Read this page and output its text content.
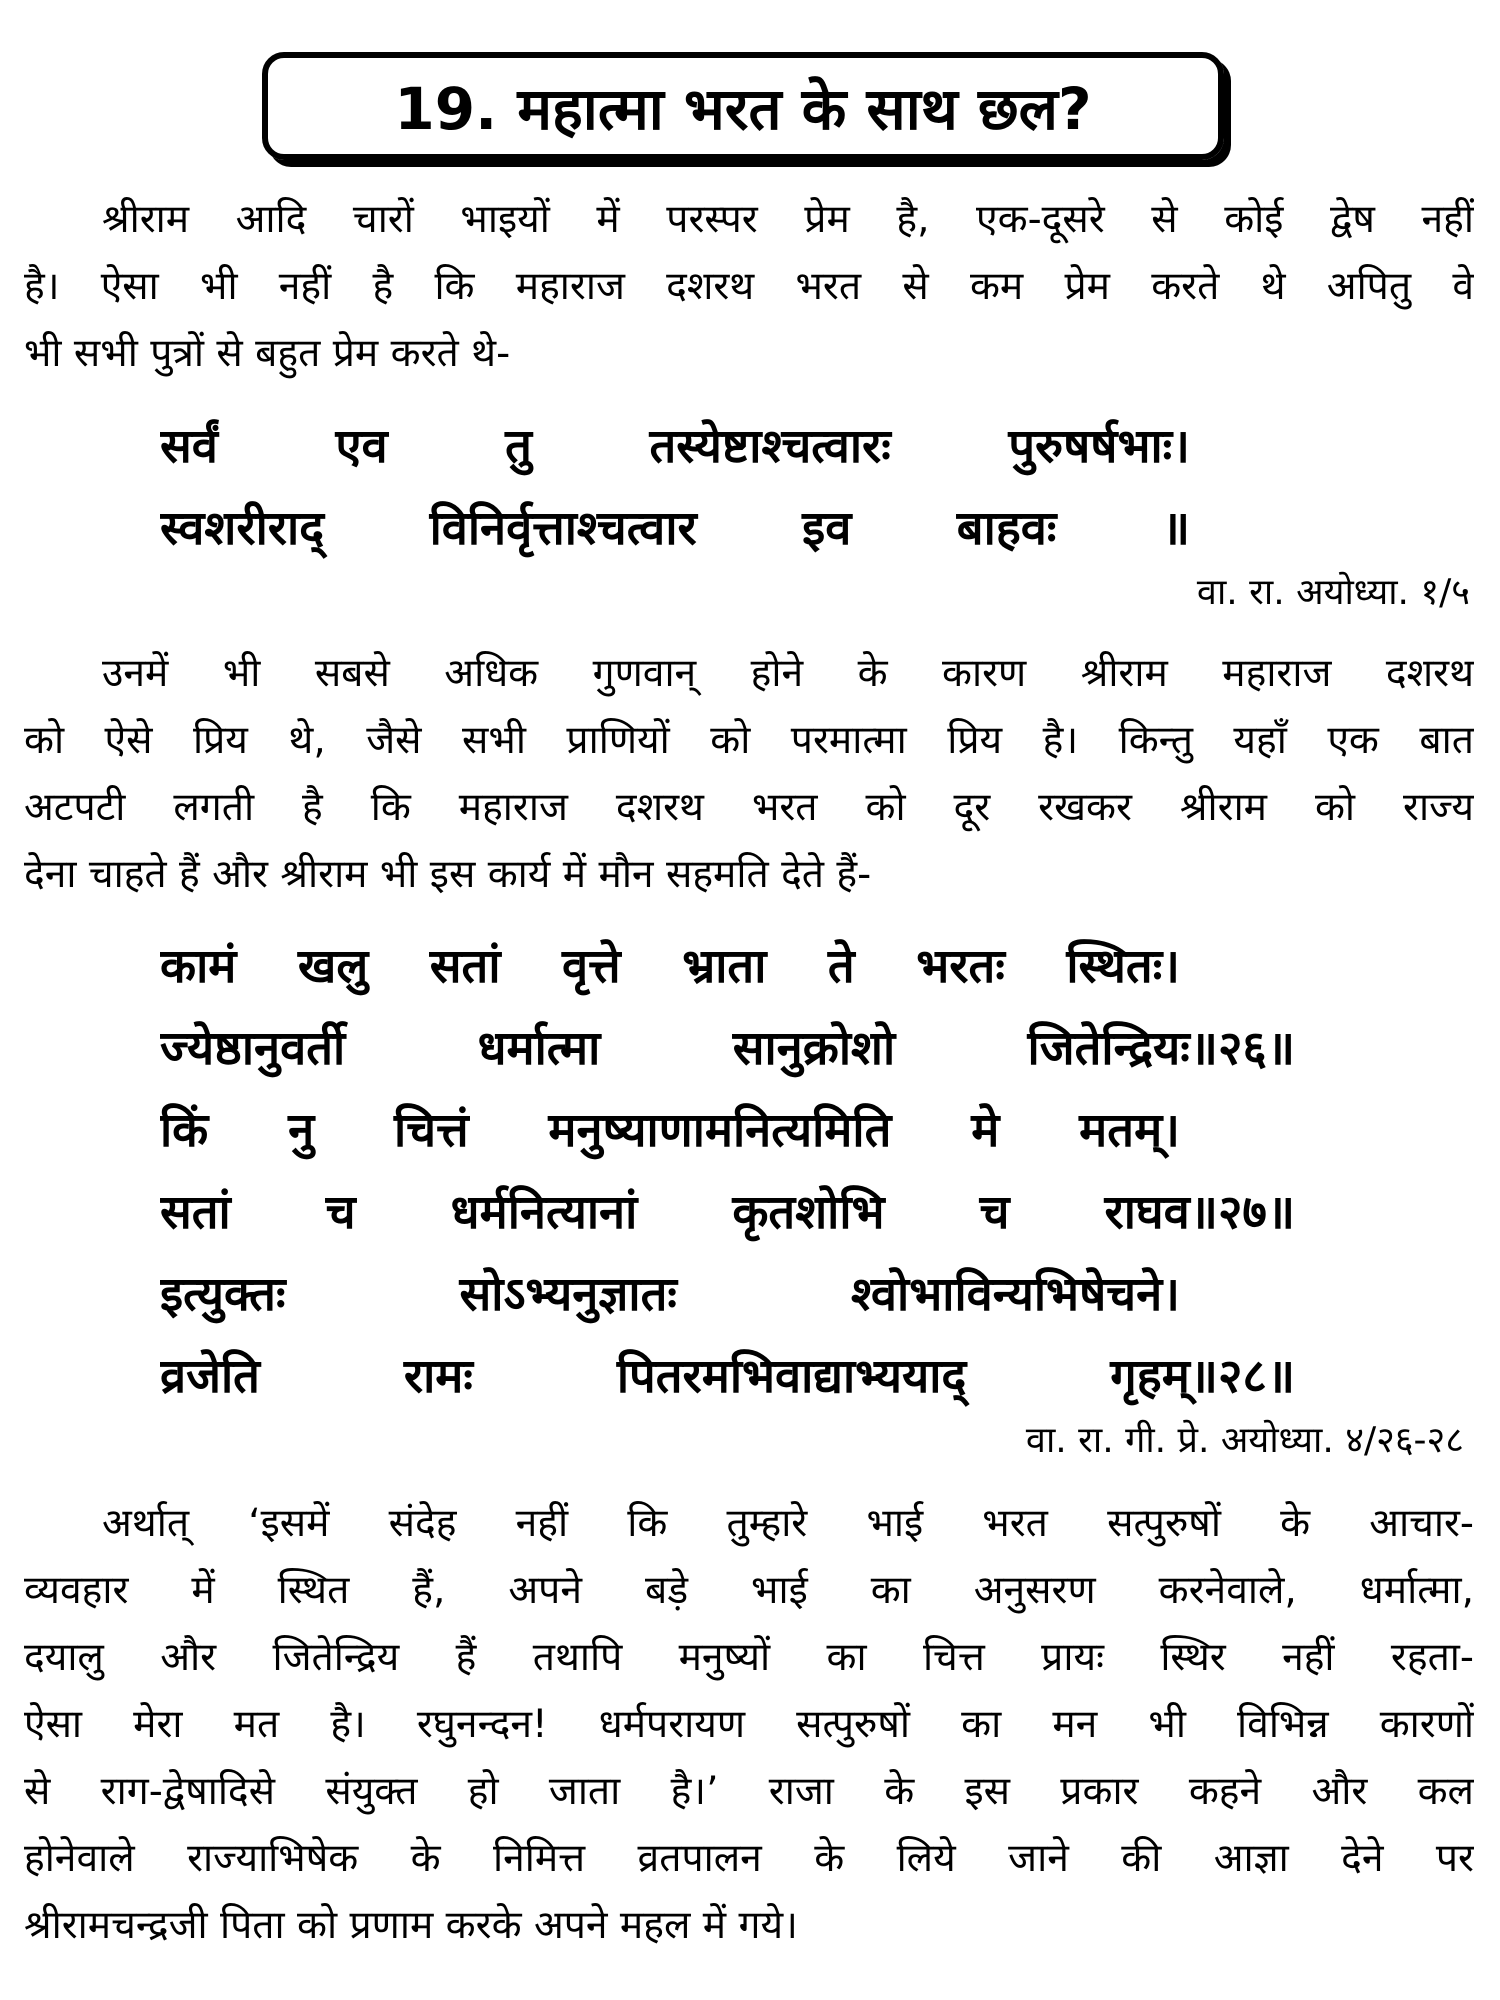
19. महात्मा भरत के साथ छल?

श्रीराम आदि चारों भाइयों में परस्पर प्रेम है, एक-दूसरे से कोई द्वेष नहीं

है। ऐसा भी नहीं है कि महाराज दशरथ भरत से कम प्रेम करते थे अपितु वे

भी सभी पुत्रों से बहुत प्रेम करते थे-

सर्वं एव तु तस्येष्टाश्चत्वारः पुरुषर्षभाः।

स्वशरीराद् विनिर्वृत्ताश्चत्वार इव बाहवः ॥

वा. रा. अयोध्या. १/५

उनमें भी सबसे अधिक गुणवान् होने के कारण श्रीराम महाराज दशरथ

को ऐसे प्रिय थे, जैसे सभी प्राणियों को परमात्मा प्रिय है। किन्तु यहाँ एक बात

अटपटी लगती है कि महाराज दशरथ भरत को दूर रखकर श्रीराम को राज्य

देना चाहते हैं और श्रीराम भी इस कार्य में मौन सहमति देते हैं-

कामं खलु सतां वृत्ते भ्राता ते भरतः स्थितः।

ज्येष्ठानुवर्ती धर्मात्मा सानुक्रोशो जितेन्द्रियः॥२६॥

किं नु चित्तं मनुष्याणामनित्यमिति मे मतम्।

सतां च धर्मनित्यानां कृतशोभि च राघव॥२७॥

इत्युक्तः सोऽभ्यनुज्ञातः श्वोभाविन्यभिषेचने।

व्रजेति रामः पितरमभिवाद्याभ्ययाद् गृहम्॥२८॥

वा. रा. गी. प्रे. अयोध्या. ४/२६-२८

अर्थात् ‘इसमें संदेह नहीं कि तुम्हारे भाई भरत सत्पुरुषों के आचार-

व्यवहार में स्थित हैं, अपने बड़े भाई का अनुसरण करनेवाले, धर्मात्मा,

दयालु और जितेन्द्रिय हैं तथापि मनुष्यों का चित्त प्रायः स्थिर नहीं रहता-

ऐसा मेरा मत है। रघुनन्दन! धर्मपरायण सत्पुरुषों का मन भी विभिन्न कारणों

से राग-द्वेषादिसे संयुक्त हो जाता है।’ राजा के इस प्रकार कहने और कल

होनेवाले राज्याभिषेक के निमित्त व्रतपालन के लिये जाने की आज्ञा देने पर

श्रीरामचन्द्रजी पिता को प्रणाम करके अपने महल में गये।
